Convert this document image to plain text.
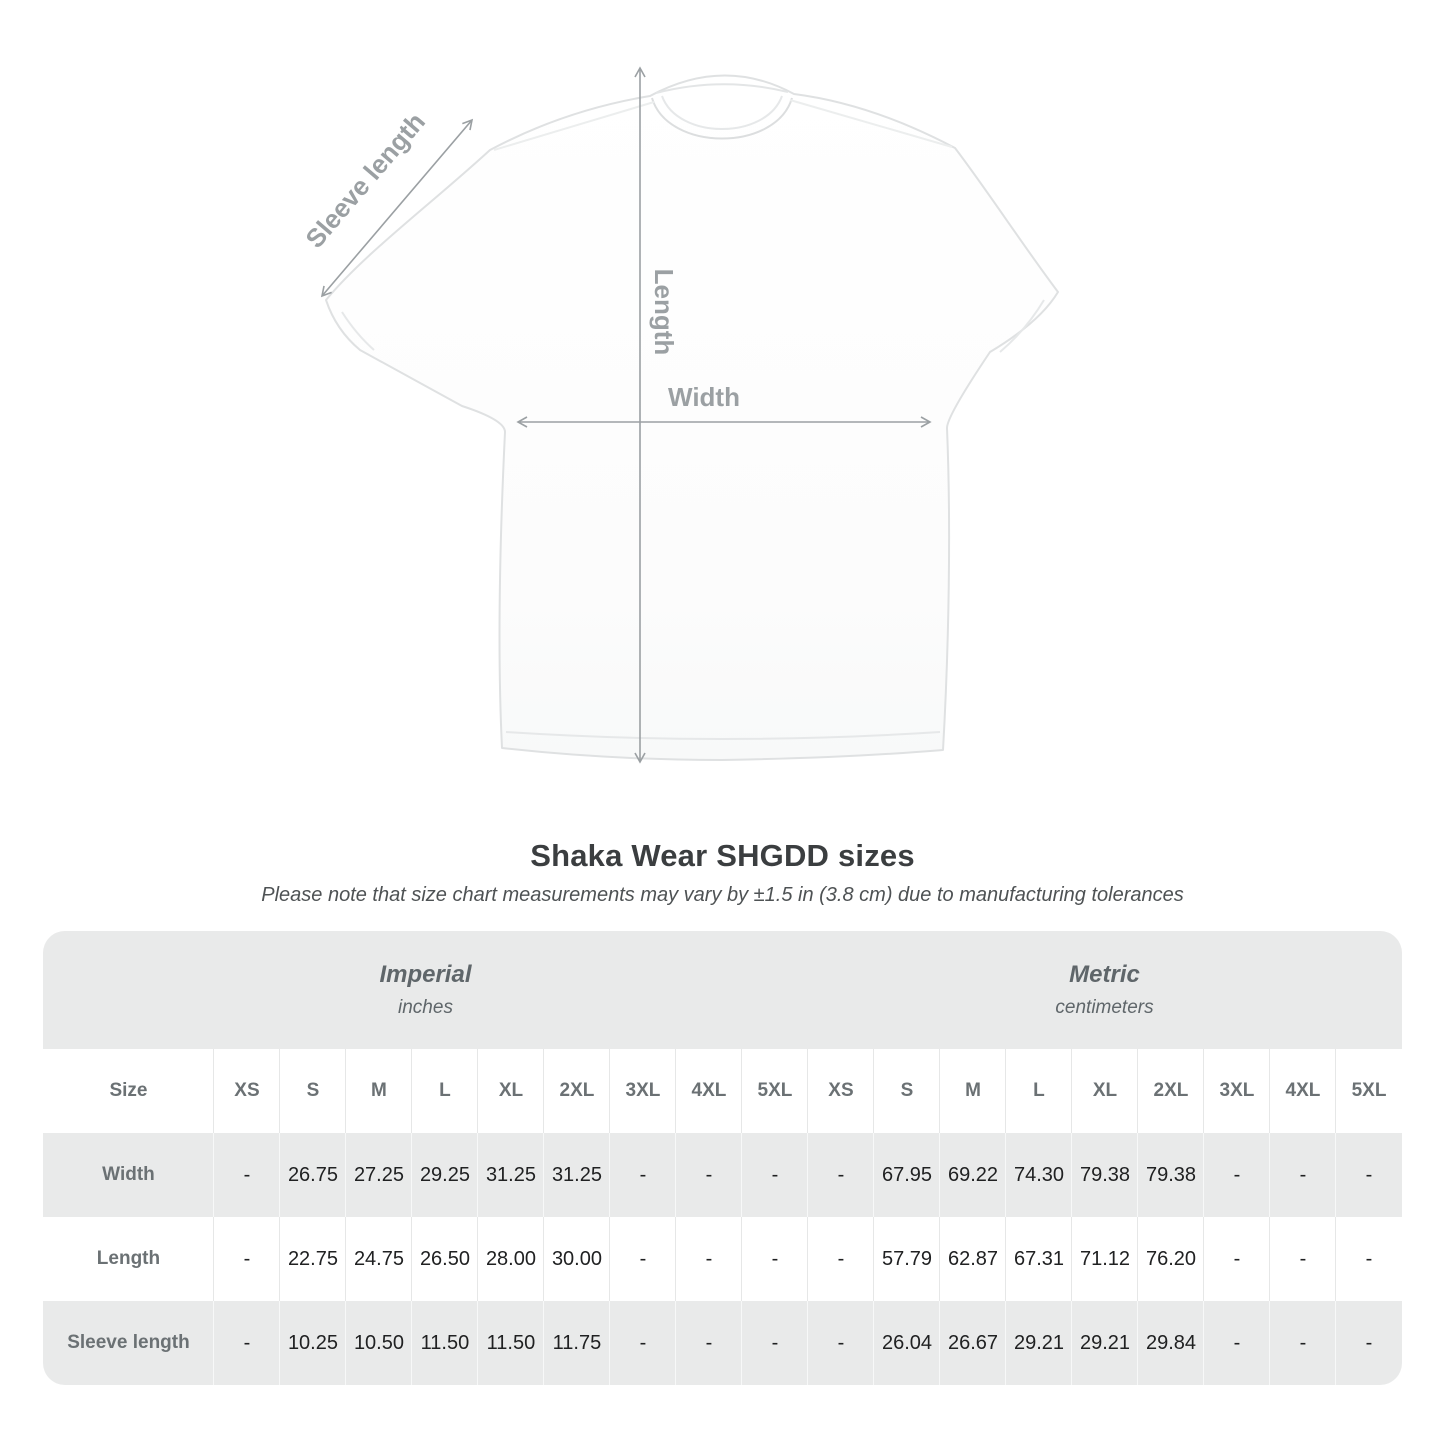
Sleeve length
Length
Width
Shaka Wear SHGDD sizes
Please note that size chart measurements may vary by ±1.5 in (3.8 cm) due to manufacturing tolerances
Imperial
inches

Metric
centimeters

Size	XS	S	M	L	XL	2XL	3XL	4XL	5XL	XS	S	M	L	XL	2XL	3XL	4XL	5XL
Width	-	26.75	27.25	29.25	31.25	31.25	-	-	-	-	67.95	69.22	74.30	79.38	79.38	-	-	-
Length	-	22.75	24.75	26.50	28.00	30.00	-	-	-	-	57.79	62.87	67.31	71.12	76.20	-	-	-
Sleeve length	-	10.25	10.50	11.50	11.50	11.75	-	-	-	-	26.04	26.67	29.21	29.21	29.84	-	-	-
